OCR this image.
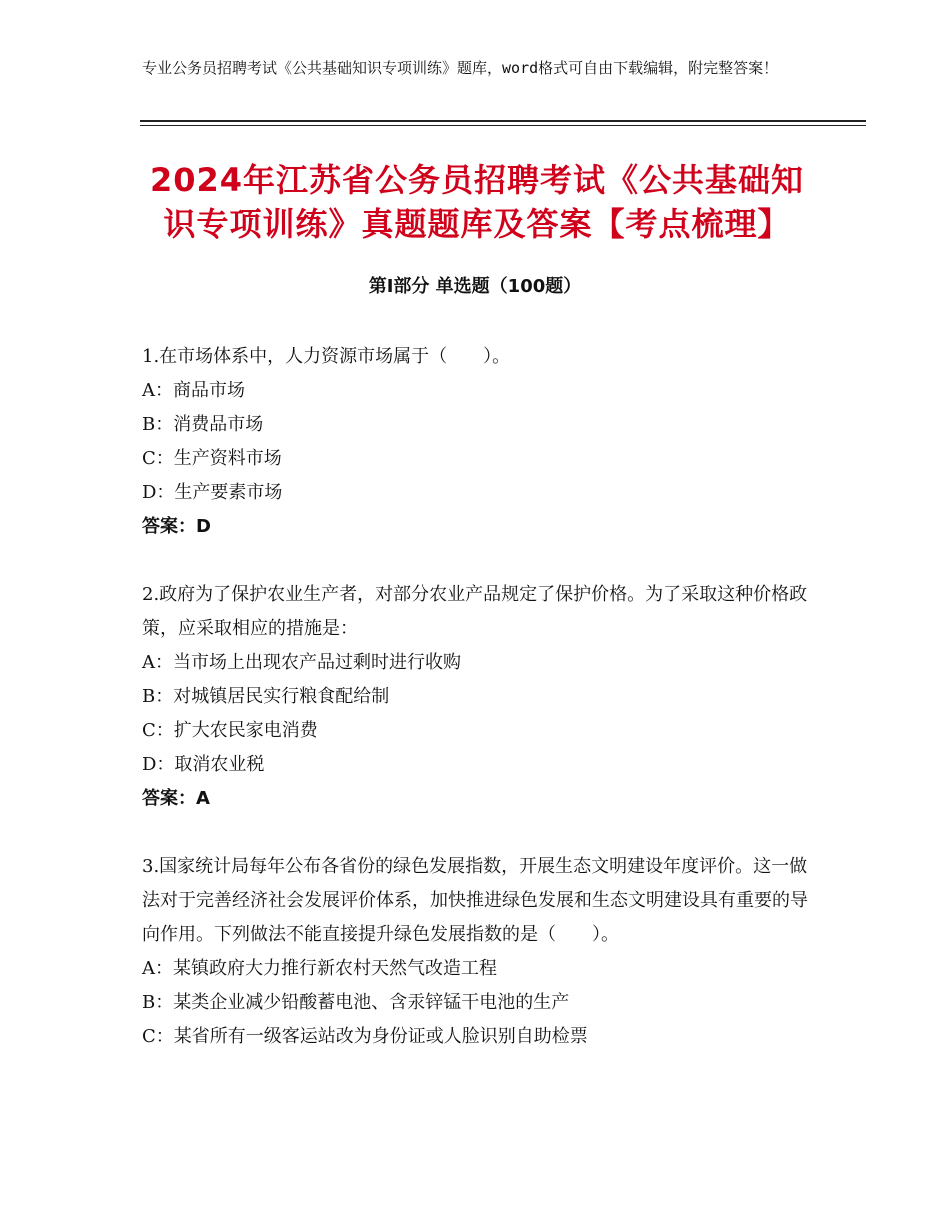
专业公务员招聘考试《公共基础知识专项训练》题库，word格式可自由下载编辑，附完整答案！
2024年江苏省公务员招聘考试《公共基础知识专项训练》真题题库及答案【考点梳理】
第Ⅰ部分 单选题（100题）

1.在市场体系中，人力资源市场属于（　　）。

A：商品市场

B：消费品市场

C：生产资料市场

D：生产要素市场

答案：D

2.政府为了保护农业生产者，对部分农业产品规定了保护价格。为了采取这种价格政策，应采取相应的措施是：

A：当市场上出现农产品过剩时进行收购

B：对城镇居民实行粮食配给制

C：扩大农民家电消费

D：取消农业税

答案：A

3.国家统计局每年公布各省份的绿色发展指数，开展生态文明建设年度评价。这一做法对于完善经济社会发展评价体系，加快推进绿色发展和生态文明建设具有重要的导向作用。下列做法不能直接提升绿色发展指数的是（　　）。

A：某镇政府大力推行新农村天然气改造工程

B：某类企业减少铅酸蓄电池、含汞锌锰干电池的生产

C：某省所有一级客运站改为身份证或人脸识别自助检票
